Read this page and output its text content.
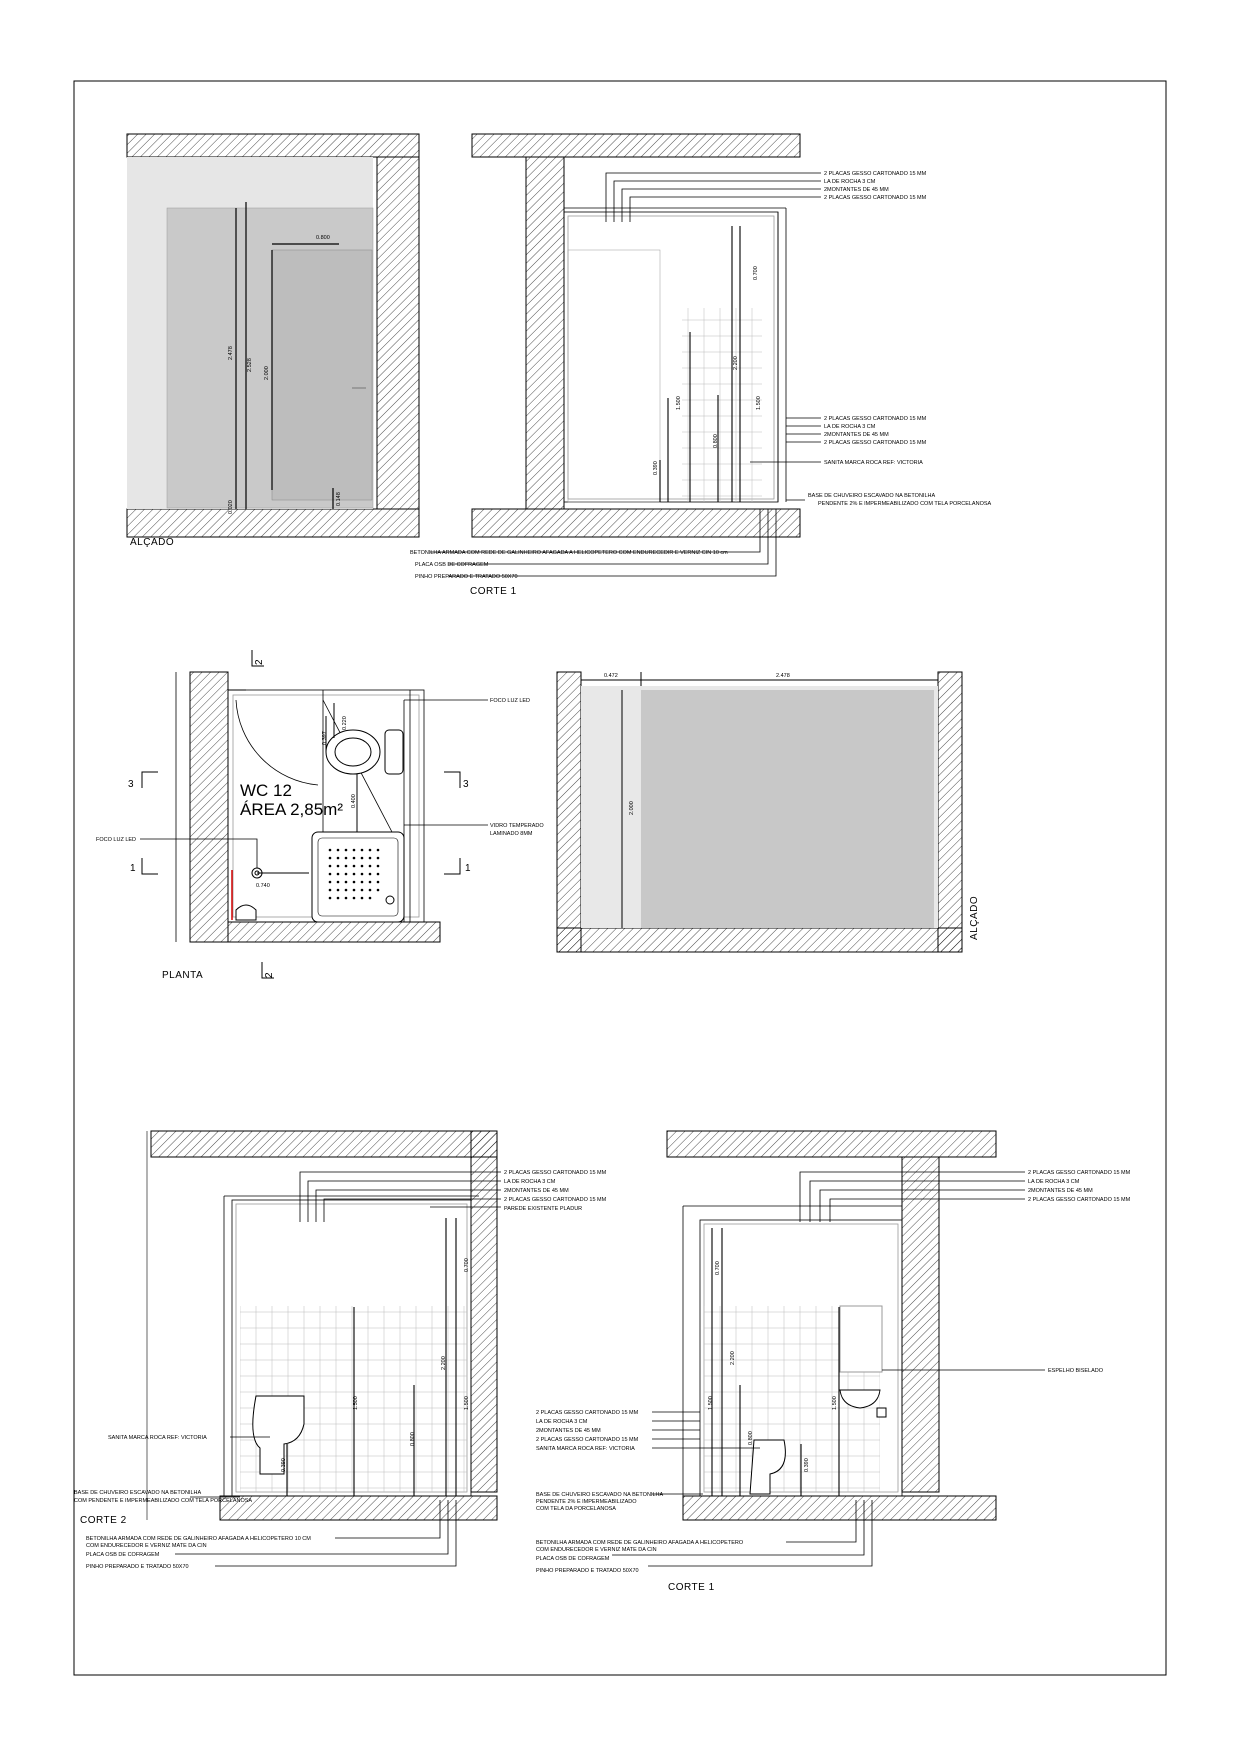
2.478
2.528
0.800
2.000
0.020
0.148
ALÇADO
0.700
2.200
1.500	1.500
0.800
0.390
2 PLACAS GESSO CARTONADO 15 MM
LA DE ROCHA 3 CM
2MONTANTES DE 45 MM
2 PLACAS GESSO CARTONADO 15 MM
2 PLACAS GESSO CARTONADO 15 MM
LA DE ROCHA 3 CM
2MONTANTES DE 45 MM
2 PLACAS GESSO CARTONADO 15 MM
SANITA MARCA ROCA REF: VICTORIA
BASE DE CHUVEIRO ESCAVADO NA BETONILHA
PENDENTE 2% E IMPERMEABILIZADO COM TELA PORCELANOSA
BETONILHA ARMADA COM REDE DE GALINHEIRO AFAGADA A HELICOPETERO COM ENDURECEDIR E VERNIZ CIN 10 cm
PLACA OSB DE COFRAGEM
PINHO PREPARADO E TRATADO 50X70
CORTE 1
0.220
0.397
0.400
0.740
WC 12
ÁREA 2,85m²
FOCO LUZ LED
VIDRO TEMPERADO
LAMINADO 8MM
FOCO LUZ LED
2
3	3
1	1
2
PLANTA
0.472	2.478
2.000
ALÇADO
0.700
2.200
1.500	1.500
0.800
0.390
2 PLACAS GESSO CARTONADO 15 MM
LA DE ROCHA 3 CM
2MONTANTES DE 45 MM
2 PLACAS GESSO CARTONADO 15 MM
PAREDE EXISTENTE PLADUR
SANITA MARCA ROCA REF: VICTORIA
BASE DE CHUVEIRO ESCAVADO NA BETONILHA
COM PENDENTE E IMPERMEABILIZADO COM TELA PORCELANOSA
BETONILHA ARMADA COM REDE DE GALINHEIRO AFAGADA A HELICOPETERO 10 CM
COM ENDURECEDOR E VERNIZ MATE DA CIN
PLACA OSB DE COFRAGEM
PINHO PREPARADO E TRATADO 50X70
CORTE 2
0.700
2.200
1.500	1.500
0.800
0.390
2 PLACAS GESSO CARTONADO 15 MM
LA DE ROCHA 3 CM
2MONTANTES DE 45 MM
2 PLACAS GESSO CARTONADO 15 MM
ESPELHO BISELADO
2 PLACAS GESSO CARTONADO 15 MM
LA DE ROCHA 3 CM
2MONTANTES DE 45 MM
2 PLACAS GESSO CARTONADO 15 MM
SANITA MARCA ROCA REF: VICTORIA
BASE DE CHUVEIRO ESCAVADO NA BETONILHA
PENDENTE 2% E IMPERMEABILIZADO
COM TELA DA PORCELANOSA
BETONILHA ARMADA COM REDE DE GALINHEIRO AFAGADA A HELICOPETERO
COM ENDURECEDOR E VERNIZ MATE DA CIN
PLACA OSB DE COFRAGEM
PINHO PREPARADO E TRATADO 50X70
CORTE 1
